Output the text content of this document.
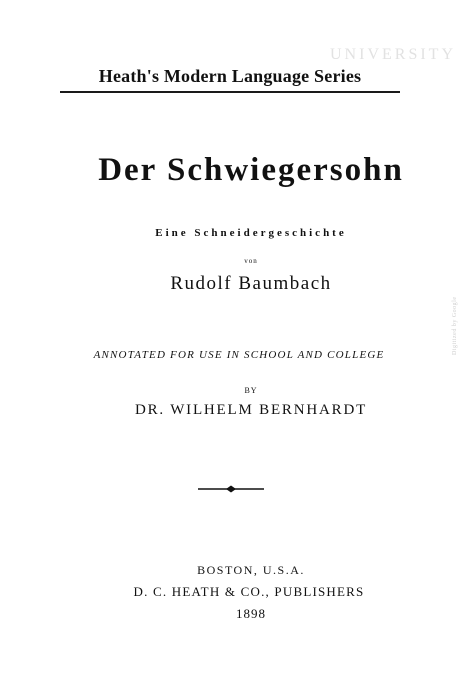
UNIVERSITY
Digitized by Google
Heath's Modern Language Series
Der Schwiegersohn
Eine Schneidergeschichte
von
Rudolf Baumbach
ANNOTATED FOR USE IN SCHOOL AND COLLEGE
BY
DR. WILHELM BERNHARDT
BOSTON, U.S.A.
D. C. HEATH & CO., PUBLISHERS
1898
